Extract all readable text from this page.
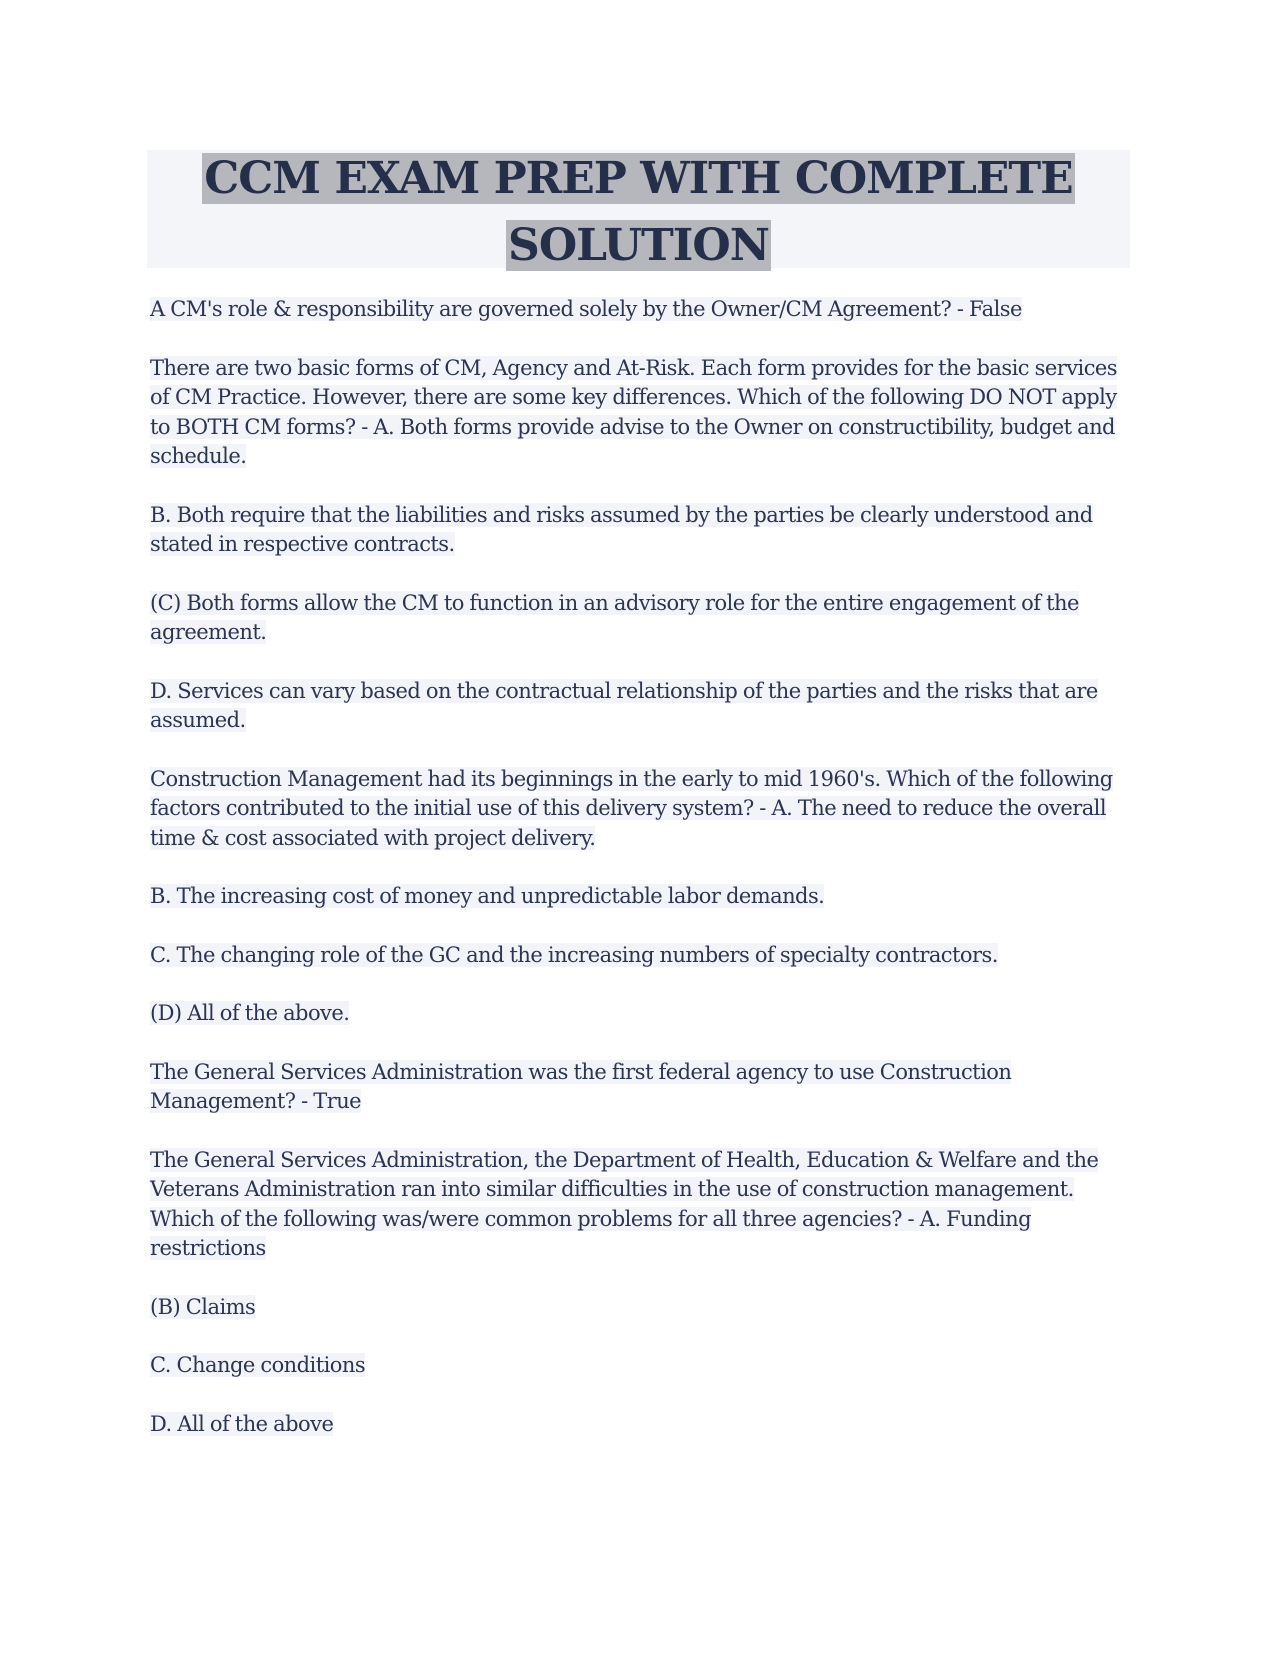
CCM EXAM PREP WITH COMPLETE
SOLUTION

A CM's role & responsibility are governed solely by the Owner/CM Agreement? - False

There are two basic forms of CM, Agency and At-Risk. Each form provides for the basic services of CM Practice. However, there are some key differences. Which of the following DO NOT apply to BOTH CM forms? - A. Both forms provide advise to the Owner on constructibility, budget and schedule.

B. Both require that the liabilities and risks assumed by the parties be clearly understood and stated in respective contracts.

(C) Both forms allow the CM to function in an advisory role for the entire engagement of the agreement.

D. Services can vary based on the contractual relationship of the parties and the risks that are assumed.

Construction Management had its beginnings in the early to mid 1960's. Which of the following factors contributed to the initial use of this delivery system? - A. The need to reduce the overall time & cost associated with project delivery.

B. The increasing cost of money and unpredictable labor demands.

C. The changing role of the GC and the increasing numbers of specialty contractors.

(D) All of the above.

The General Services Administration was the first federal agency to use Construction Management? - True

The General Services Administration, the Department of Health, Education & Welfare and the Veterans Administration ran into similar difficulties in the use of construction management. Which of the following was/were common problems for all three agencies? - A. Funding restrictions

(B) Claims

C. Change conditions

D. All of the above
